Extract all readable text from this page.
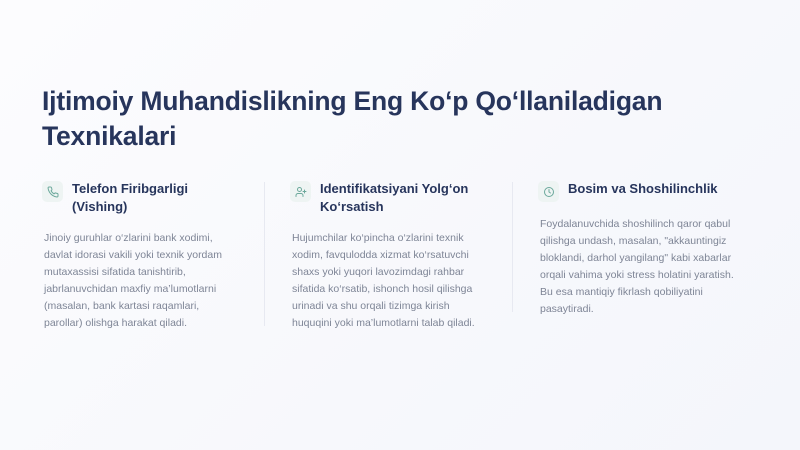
Ijtimoiy Muhandislikning Eng Ko‘p Qo‘llaniladigan Texnikalari
Telefon Firibgarligi (Vishing)
Jinoiy guruhlar o‘zlarini bank xodimi, davlat idorasi vakili yoki texnik yordam mutaxassisi sifatida tanishtirib, jabrlanuvchidan maxfiy ma’lumotlarni (masalan, bank kartasi raqamlari, parollar) olishga harakat qiladi.
Identifikatsiyani Yolg‘on Ko‘rsatish
Hujumchilar ko‘pincha o‘zlarini texnik xodim, favqulodda xizmat ko‘rsatuvchi shaxs yoki yuqori lavozimdagi rahbar sifatida ko‘rsatib, ishonch hosil qilishga urinadi va shu orqali tizimga kirish huquqini yoki ma’lumotlarni talab qiladi.
Bosim va Shoshilinchlik
Foydalanuvchida shoshilinch qaror qabul qilishga undash, masalan, "akkauntingiz bloklandi, darhol yangilang" kabi xabarlar orqali vahima yoki stress holatini yaratish. Bu esa mantiqiy fikrlash qobiliyatini pasaytiradi.
